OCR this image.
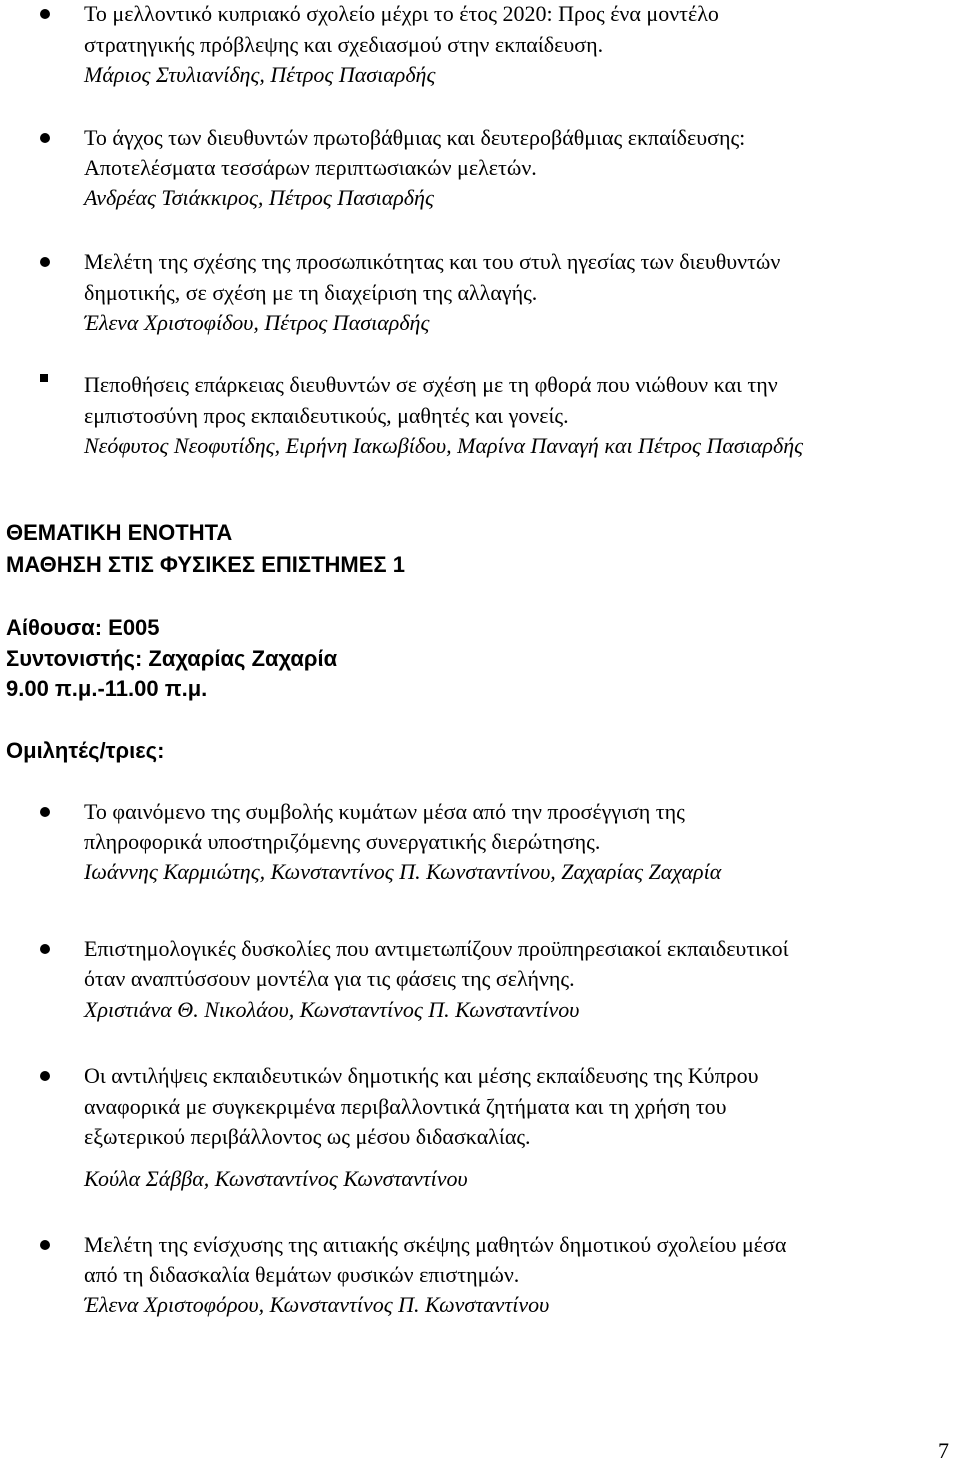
Το μελλοντικό κυπριακό σχολείο μέχρι το έτος 2020: Προς ένα μοντέλο
στρατηγικής πρόβλεψης και σχεδιασμού στην εκπαίδευση.
Μάριος Στυλιανίδης, Πέτρος Πασιαρδής
Το άγχος των διευθυντών πρωτοβάθμιας και δευτεροβάθμιας εκπαίδευσης:
Αποτελέσματα τεσσάρων περιπτωσιακών μελετών.
Ανδρέας Τσιάκκιρος, Πέτρος Πασιαρδής
Μελέτη της σχέσης της προσωπικότητας και του στυλ ηγεσίας των διευθυντών
δημοτικής, σε σχέση με τη διαχείριση της αλλαγής.
Έλενα Χριστοφίδου, Πέτρος Πασιαρδής
Πεποθήσεις επάρκειας διευθυντών σε σχέση με τη φθορά που νιώθουν και την
εμπιστοσύνη προς εκπαιδευτικούς, μαθητές και γονείς.
Νεόφυτος Νεοφυτίδης, Ειρήνη Ιακωβίδου, Μαρίνα Παναγή και Πέτρος Πασιαρδής
ΘΕΜΑΤΙΚΗ ΕΝΟΤΗΤΑ
ΜΑΘΗΣΗ ΣΤΙΣ ΦΥΣΙΚΕΣ ΕΠΙΣΤΗΜΕΣ 1
Αίθουσα: Ε005
Συντονιστής: Ζαχαρίας Ζαχαρία
9.00 π.μ.-11.00 π.μ.
Ομιλητές/τριες:
Το φαινόμενο της συμβολής κυμάτων μέσα από την προσέγγιση της
πληροφορικά υποστηριζόμενης συνεργατικής διερώτησης.
Ιωάννης Καρμιώτης, Κωνσταντίνος Π. Κωνσταντίνου, Ζαχαρίας Ζαχαρία
Επιστημολογικές δυσκολίες που αντιμετωπίζουν προϋπηρεσιακοί εκπαιδευτικοί
όταν αναπτύσσουν μοντέλα για τις φάσεις της σελήνης.
Χριστιάνα Θ. Νικολάου, Κωνσταντίνος Π. Κωνσταντίνου
Οι αντιλήψεις εκπαιδευτικών δημοτικής και μέσης εκπαίδευσης της Κύπρου
αναφορικά με συγκεκριμένα περιβαλλοντικά ζητήματα και τη χρήση του
εξωτερικού περιβάλλοντος ως μέσου διδασκαλίας.
Κούλα Σάββα, Κωνσταντίνος Κωνσταντίνου
Μελέτη της ενίσχυσης της αιτιακής σκέψης μαθητών δημοτικού σχολείου μέσα
από τη διδασκαλία θεμάτων φυσικών επιστημών.
Έλενα Χριστοφόρου, Κωνσταντίνος Π. Κωνσταντίνου
7
